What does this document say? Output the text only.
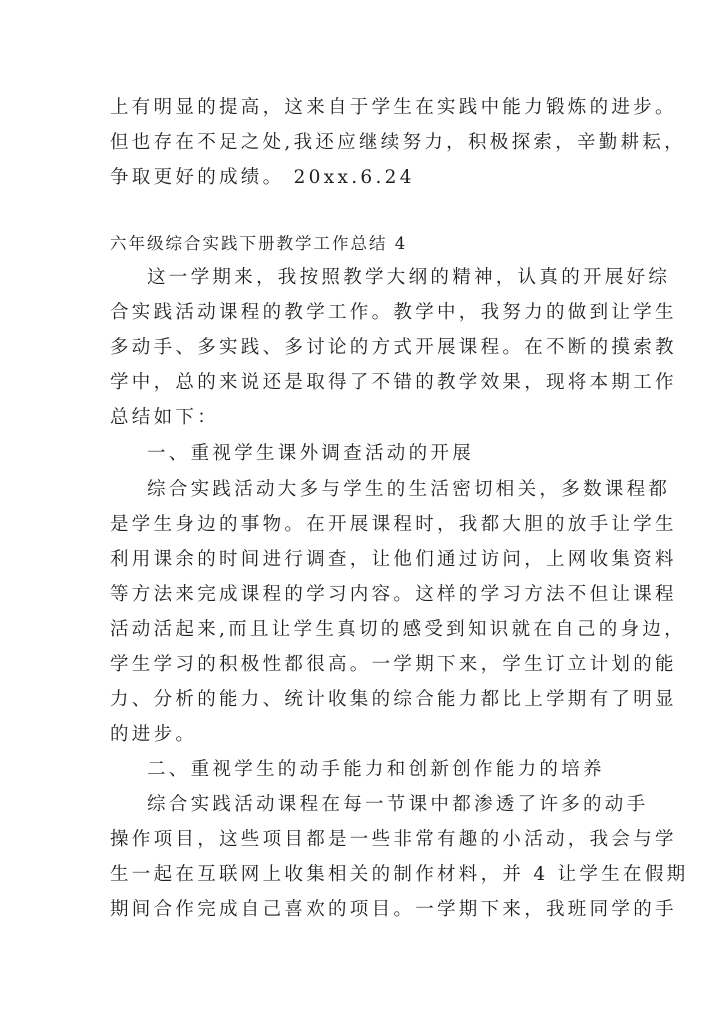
上有明显的提高，这来自于学生在实践中能力锻炼的进步。
但也存在不足之处,我还应继续努力，积极探索，辛勤耕耘，
争取更好的成绩。 20xx.6.24
六年级综合实践下册教学工作总结 4
这一学期来，我按照教学大纲的精神，认真的开展好综
合实践活动课程的教学工作。教学中，我努力的做到让学生
多动手、多实践、多讨论的方式开展课程。在不断的摸索教
学中，总的来说还是取得了不错的教学效果，现将本期工作
总结如下：
一、重视学生课外调查活动的开展
综合实践活动大多与学生的生活密切相关，多数课程都
是学生身边的事物。在开展课程时，我都大胆的放手让学生
利用课余的时间进行调查，让他们通过访问，上网收集资料
等方法来完成课程的学习内容。这样的学习方法不但让课程
活动活起来,而且让学生真切的感受到知识就在自己的身边，
学生学习的积极性都很高。一学期下来，学生订立计划的能
力、分析的能力、统计收集的综合能力都比上学期有了明显
的进步。
二、重视学生的动手能力和创新创作能力的培养
综合实践活动课程在每一节课中都渗透了许多的动手
操作项目，这些项目都是一些非常有趣的小活动，我会与学
生一起在互联网上收集相关的制作材料，并 4 让学生在假期
期间合作完成自己喜欢的项目。一学期下来，我班同学的手
